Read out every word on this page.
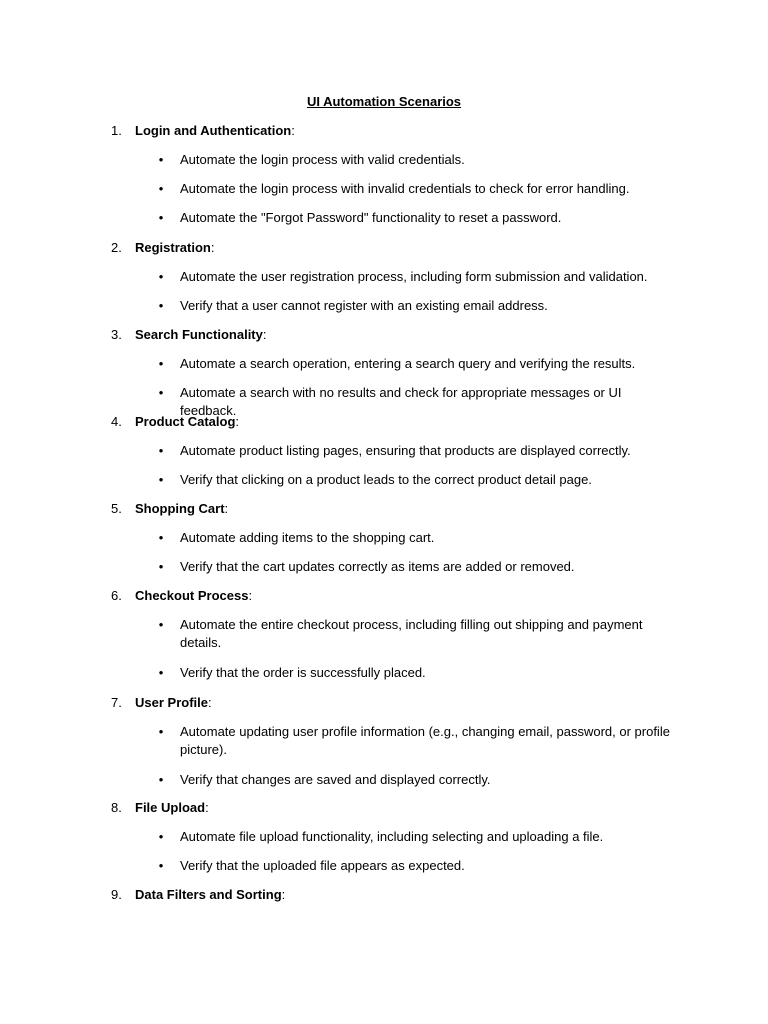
UI Automation Scenarios
1.	Login and Authentication:
• Automate the login process with valid credentials.
• Automate the login process with invalid credentials to check for error handling.
• Automate the "Forgot Password" functionality to reset a password.
2.	Registration:
• Automate the user registration process, including form submission and validation.
• Verify that a user cannot register with an existing email address.
3.	Search Functionality:
• Automate a search operation, entering a search query and verifying the results.
• Automate a search with no results and check for appropriate messages or UI feedback.
4.	Product Catalog:
• Automate product listing pages, ensuring that products are displayed correctly.
• Verify that clicking on a product leads to the correct product detail page.
5.	Shopping Cart:
• Automate adding items to the shopping cart.
• Verify that the cart updates correctly as items are added or removed.
6.	Checkout Process:
• Automate the entire checkout process, including filling out shipping and payment details.
• Verify that the order is successfully placed.
7.	User Profile:
• Automate updating user profile information (e.g., changing email, password, or profile picture).
• Verify that changes are saved and displayed correctly.
8.	File Upload:
• Automate file upload functionality, including selecting and uploading a file.
• Verify that the uploaded file appears as expected.
9.	Data Filters and Sorting:
